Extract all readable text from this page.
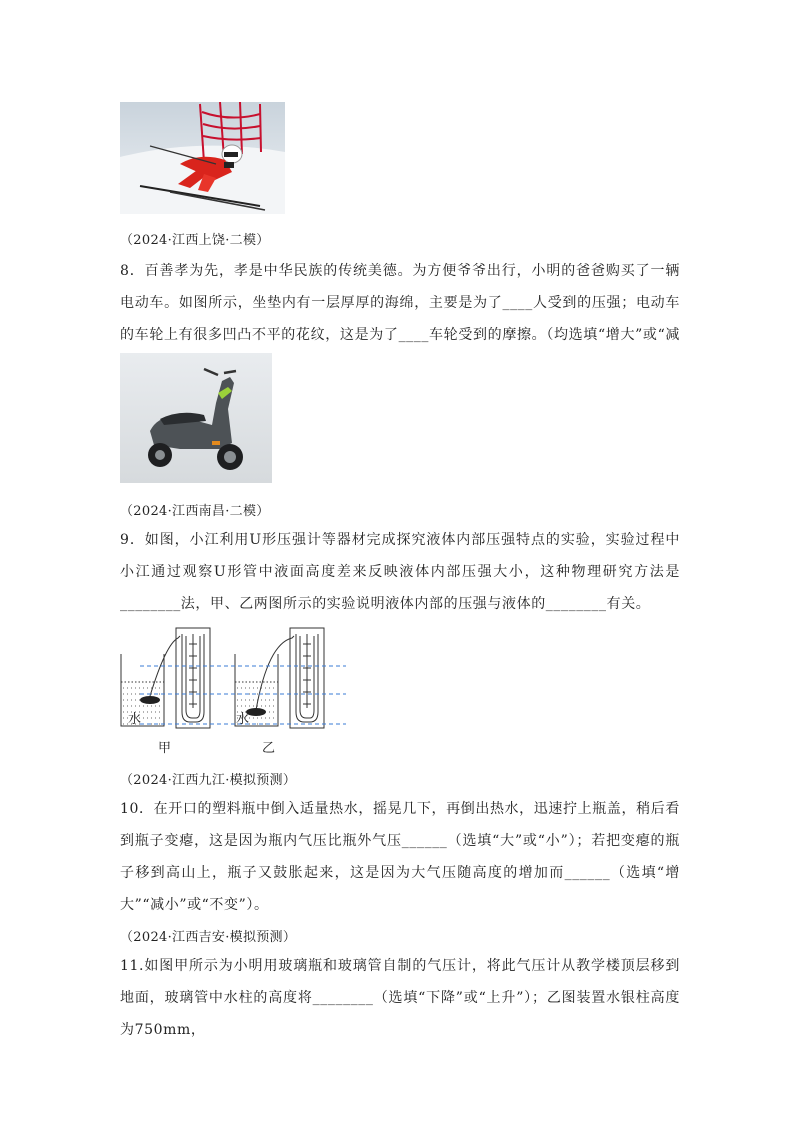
（2024·江西上饶·二模）
8．百善孝为先，孝是中华民族的传统美德。为方便爷爷出行，小明的爸爸购买了一辆电动车。如图所示，坐垫内有一层厚厚的海绵，主要是为了____人受到的压强；电动车的车轮上有很多凹凸不平的花纹，这是为了____车轮受到的摩擦。（均选填“增大”或“减
（2024·江西南昌·二模）
9．如图，小江利用U形压强计等器材完成探究液体内部压强特点的实验，实验过程中小江通过观察U形管中液面高度差来反映液体内部压强大小，这种物理研究方法是________法，甲、乙两图所示的实验说明液体内部的压强与液体的________有关。
水	水
甲	乙
（2024·江西九江·模拟预测）
10．在开口的塑料瓶中倒入适量热水，摇晃几下，再倒出热水，迅速拧上瓶盖，稍后看到瓶子变瘪，这是因为瓶内气压比瓶外气压______（选填“大”或“小”）；若把变瘪的瓶子移到高山上，瓶子又鼓胀起来，这是因为大气压随高度的增加而______（选填“增大”“减小”或“不变”）。
（2024·江西吉安·模拟预测）
11.如图甲所示为小明用玻璃瓶和玻璃管自制的气压计，将此气压计从教学楼顶层移到地面，玻璃管中水柱的高度将________（选填“下降”或“上升”）；乙图装置水银柱高度为750mm，
